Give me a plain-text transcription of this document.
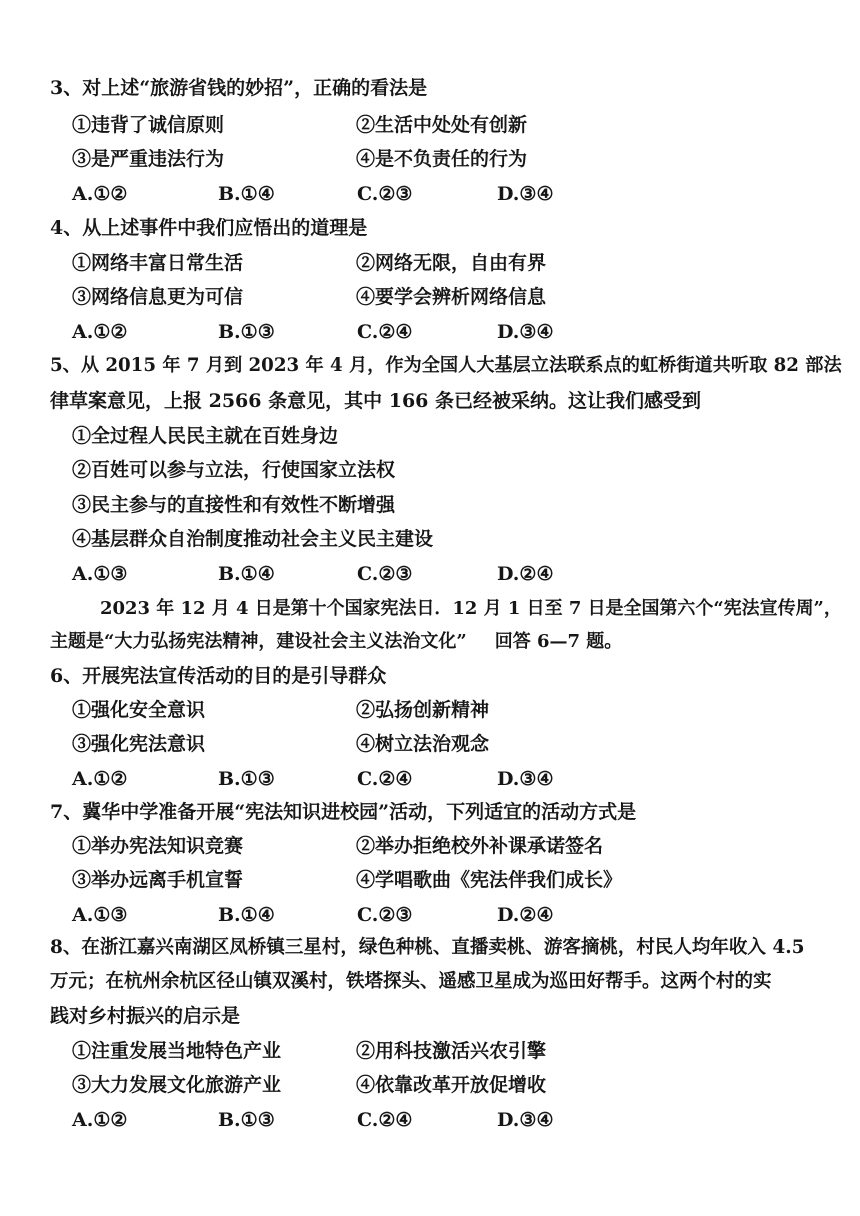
3、对上述“旅游省钱的妙招”，正确的看法是
①违背了诚信原则	②生活中处处有创新
③是严重违法行为	④是不负责任的行为
A.①②	B.①④	C.②③	D.③④
4、从上述事件中我们应悟出的道理是
①网络丰富日常生活	②网络无限，自由有界
③网络信息更为可信	④要学会辨析网络信息
A.①②	B.①③	C.②④	D.③④
5、从 2015 年 7 月到 2023 年 4 月，作为全国人大基层立法联系点的虹桥街道共听取 82 部法
律草案意见，上报 2566 条意见，其中 166 条已经被采纳。这让我们感受到
①全过程人民民主就在百姓身边
②百姓可以参与立法，行使国家立法权
③民主参与的直接性和有效性不断增强
④基层群众自治制度推动社会主义民主建设
A.①③	B.①④	C.②③	D.②④
2023 年 12 月 4 日是第十个国家宪法日．12 月 1 日至 7 日是全国第六个“宪法宣传周”，
主题是“大力弘扬宪法精神，建设社会主义法治文化” 回答 6—7 题。
6、开展宪法宣传活动的目的是引导群众
①强化安全意识	②弘扬创新精神
③强化宪法意识	④树立法治观念
A.①②	B.①③	C.②④	D.③④
7、冀华中学准备开展“宪法知识进校园”活动，下列适宜的活动方式是
①举办宪法知识竞赛	②举办拒绝校外补课承诺签名
③举办远离手机宣誓	④学唱歌曲《宪法伴我们成长》
A.①③	B.①④	C.②③	D.②④
8、在浙江嘉兴南湖区凤桥镇三星村，绿色种桃、直播卖桃、游客摘桃，村民人均年收入 4.5
万元；在杭州余杭区径山镇双溪村，铁塔探头、遥感卫星成为巡田好帮手。这两个村的实
践对乡村振兴的启示是
①注重发展当地特色产业	②用科技激活兴农引擎
③大力发展文化旅游产业	④依靠改革开放促增收
A.①②	B.①③	C.②④	D.③④
